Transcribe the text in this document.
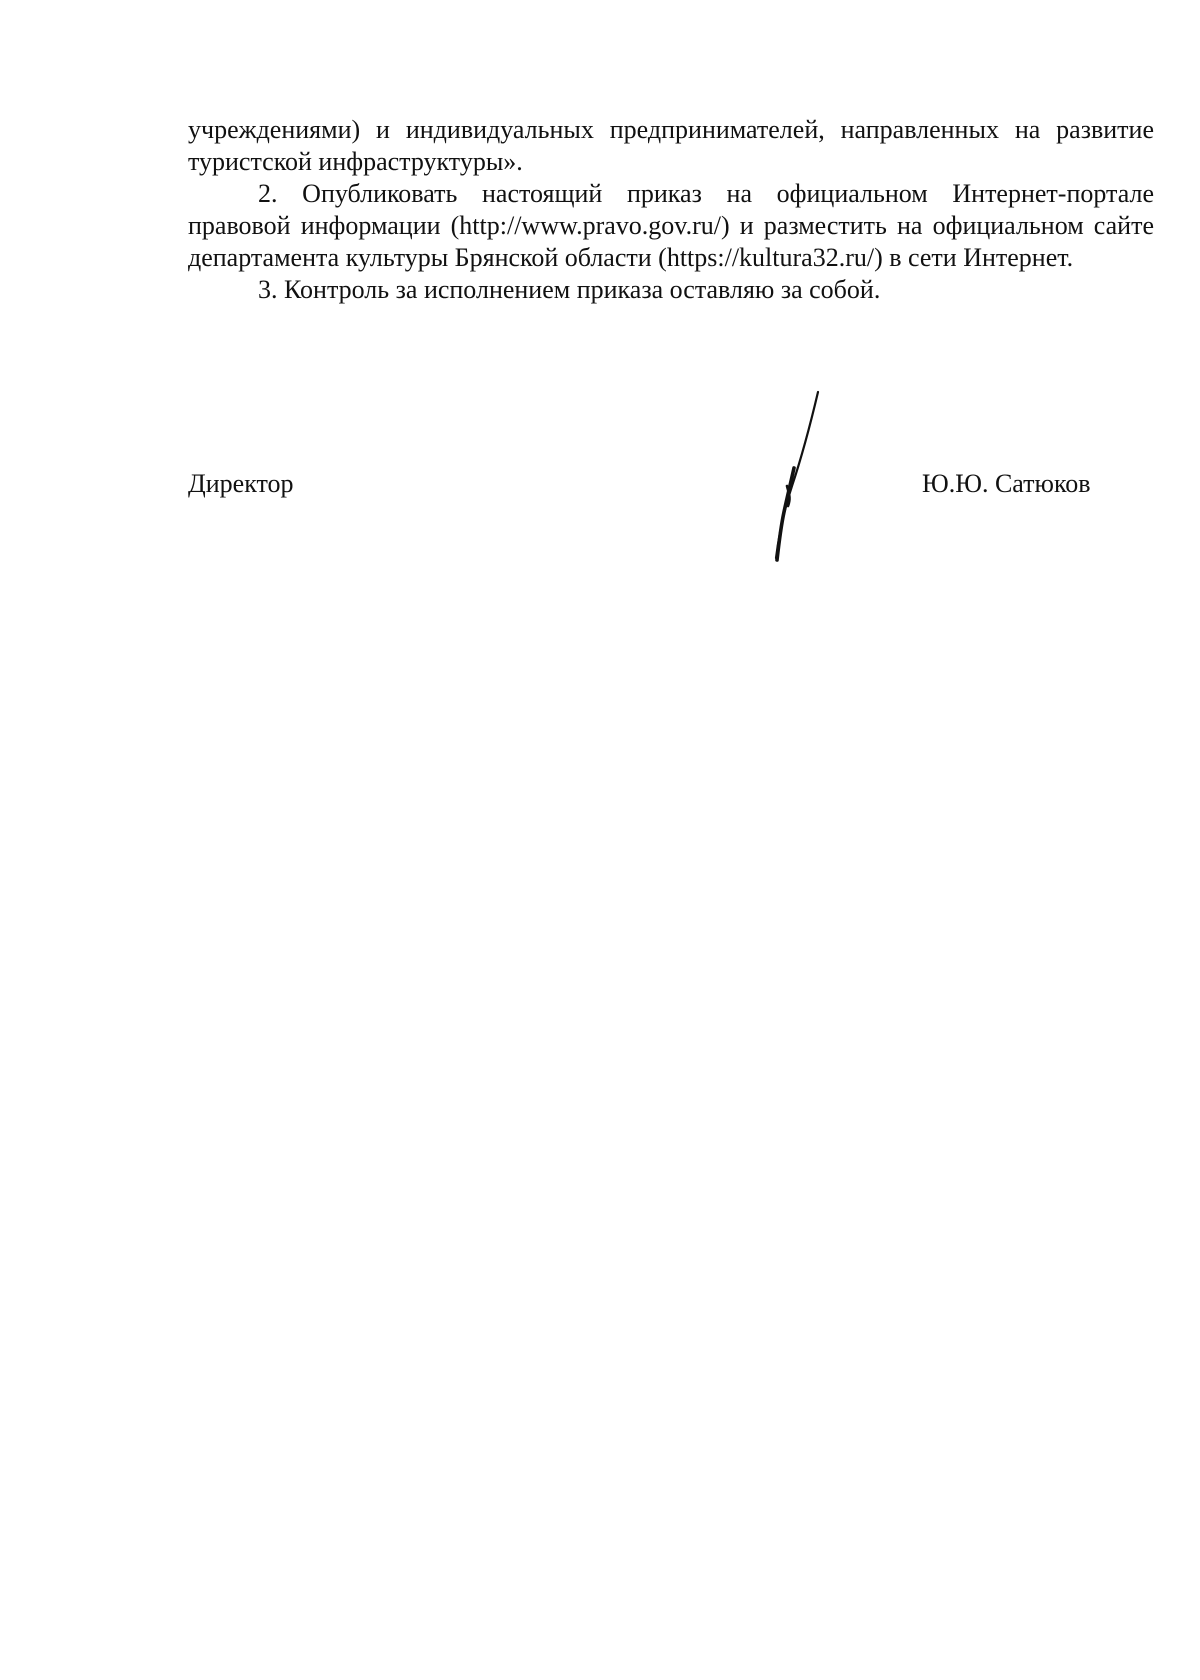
учреждениями) и индивидуальных предпринимателей, направленных на развитие туристской инфраструктуры».

2. Опубликовать настоящий приказ на официальном Интернет-портале правовой информации (http://www.pravo.gov.ru/) и разместить на официальном сайте департамента культуры Брянской области (https://kultura32.ru/) в сети Интернет.

3. Контроль за исполнением приказа оставляю за собой.

Директор	Ю.Ю. Сатюков
